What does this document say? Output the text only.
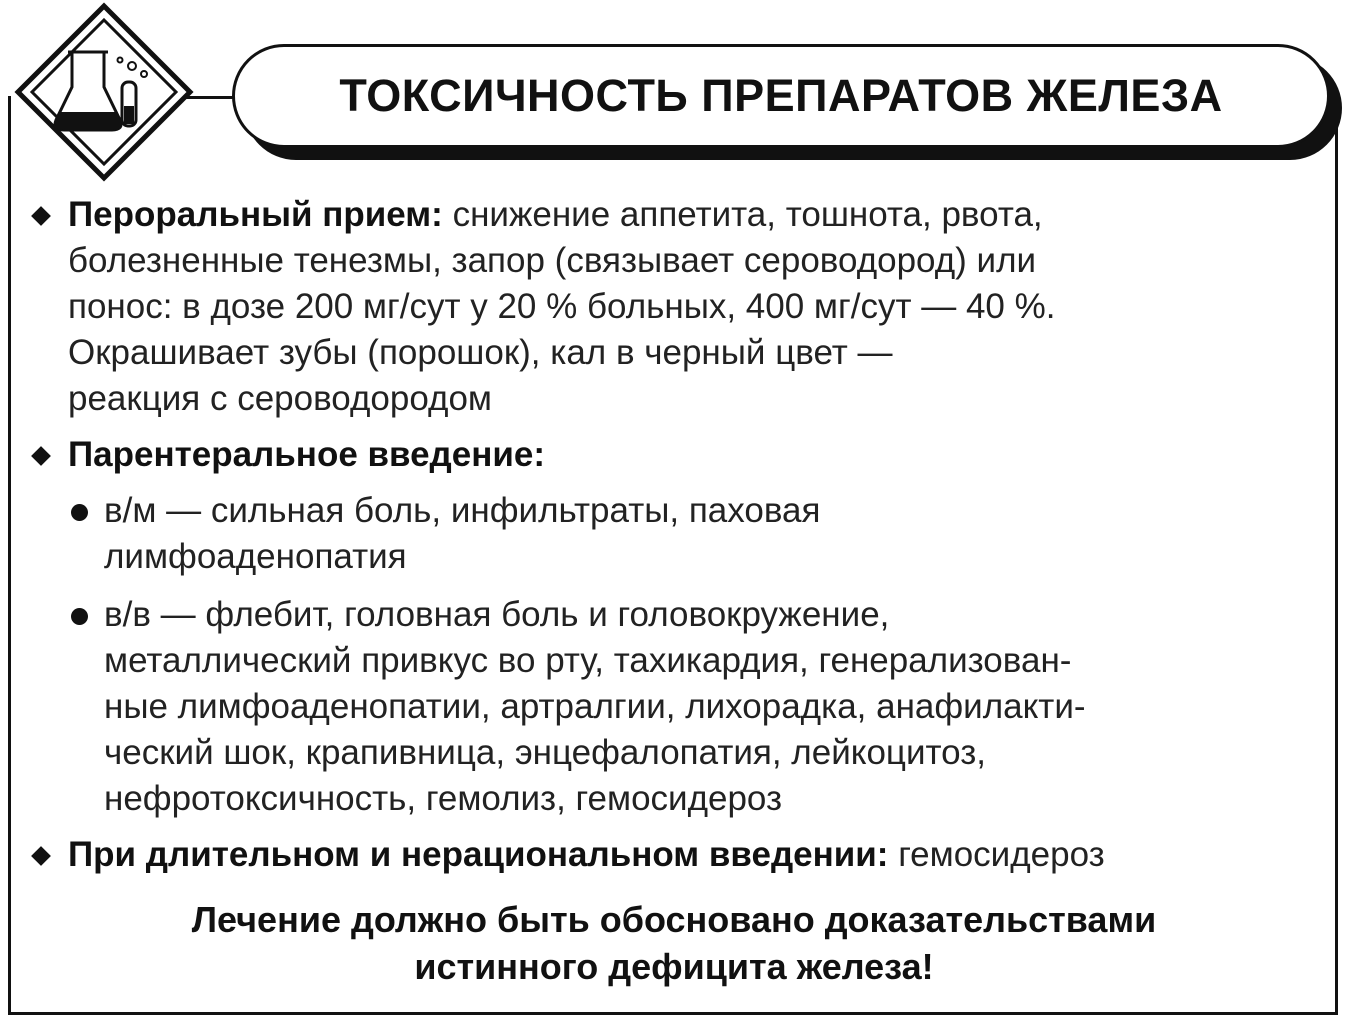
ТОКСИЧНОСТЬ ПРЕПАРАТОВ ЖЕЛЕЗА
Пероральный прием: снижение аппетита, тошнота, рвота,
болезненные тенезмы, запор (связывает сероводород) или
понос: в дозе 200 мг/сут у 20 % больных, 400 мг/сут — 40 %.
Окрашивает зубы (порошок), кал в черный цвет —
реакция с сероводородом
Парентеральное введение:
в/м — сильная боль, инфильтраты, паховая
лимфоаденопатия
в/в — флебит, головная боль и головокружение,
металлический привкус во рту, тахикардия, генерализован-
ные лимфоаденопатии, артралгии, лихорадка, анафилакти-
ческий шок, крапивница, энцефалопатия, лейкоцитоз,
нефротоксичность, гемолиз, гемосидероз
При длительном и нерациональном введении: гемосидероз
Лечение должно быть обосновано доказательствами
истинного дефицита железа!
